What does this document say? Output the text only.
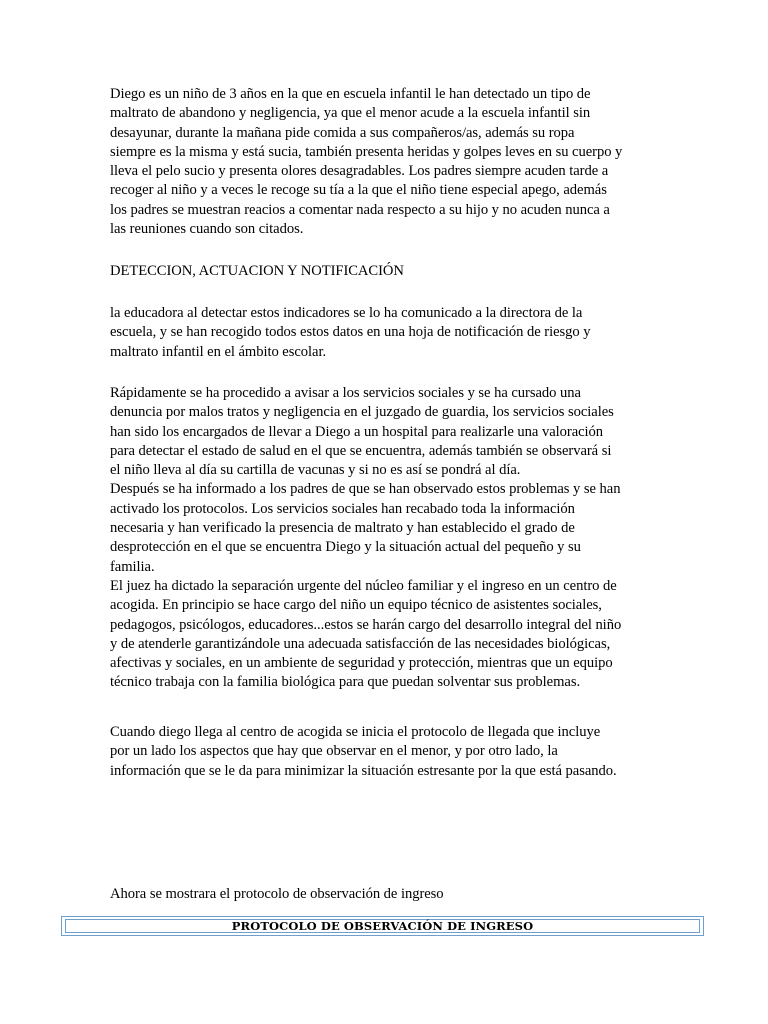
Diego es un niño de 3 años en la que en escuela infantil le han detectado un tipo de
maltrato de abandono y negligencia, ya que el menor acude a la escuela infantil sin
desayunar, durante la mañana pide comida a sus compañeros/as, además su ropa
siempre es la misma y está sucia, también presenta heridas y golpes leves en su cuerpo y
lleva el pelo sucio y presenta olores desagradables. Los padres siempre acuden tarde a
recoger al niño y a veces le recoge su tía a la que el niño tiene especial apego, además
los padres se muestran reacios a comentar nada respecto a su hijo y no acuden nunca a
las reuniones cuando son citados.
DETECCION, ACTUACION Y NOTIFICACIÓN
la educadora al detectar estos indicadores se lo ha comunicado a la directora de la
escuela, y se han recogido todos estos datos en una hoja de notificación de riesgo y
maltrato infantil en el ámbito escolar.
Rápidamente se ha procedido a avisar a los servicios sociales y se ha cursado una
denuncia por malos tratos y negligencia en el juzgado de guardia, los servicios sociales
han sido los encargados de llevar a Diego a un hospital para realizarle una valoración
para detectar el estado de salud en el que se encuentra, además también se observará si
el niño lleva al día su cartilla de vacunas y si no es así se pondrá al día.
Después se ha informado a los padres de que se han observado estos problemas y se han
activado los protocolos. Los servicios sociales han recabado toda la información
necesaria y han verificado la presencia de maltrato y han establecido el grado de
desprotección en el que se encuentra Diego y la situación actual del pequeño y su
familia.
El juez ha dictado la separación urgente del núcleo familiar y el ingreso en un centro de
acogida. En principio se hace cargo del niño un equipo técnico de asistentes sociales,
pedagogos, psicólogos, educadores...estos se harán cargo del desarrollo integral del niño
y de atenderle garantizándole una adecuada satisfacción de las necesidades biológicas,
afectivas y sociales, en un ambiente de seguridad y protección, mientras que un equipo
técnico trabaja con la familia biológica para que puedan solventar sus problemas.
Cuando diego llega al centro de acogida se inicia el protocolo de llegada que incluye
por un lado los aspectos que hay que observar en el menor, y por otro lado, la
información que se le da para minimizar la situación estresante por la que está pasando.
Ahora se mostrara el protocolo de observación de ingreso
PROTOCOLO DE OBSERVACIÓN DE INGRESO
